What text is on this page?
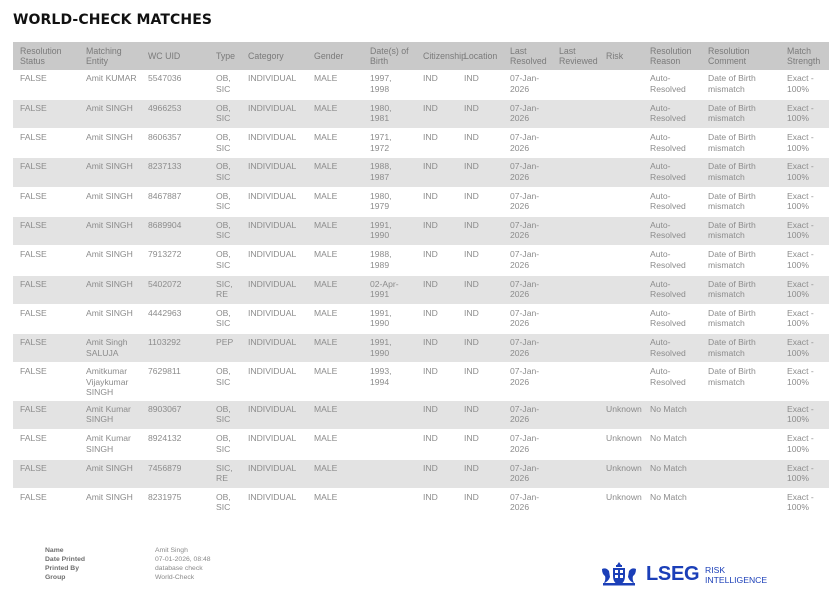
WORLD-CHECK MATCHES
Resolution Status	Matching Entity	WC UID	Type	Category	Gender	Date(s) of Birth	Citizenship	Location	Last Resolved	Last Reviewed	Risk	Resolution Reason	Resolution Comment	Match Strength
FALSE	Amit KUMAR	5547036	OB, SIC	INDIVIDUAL	MALE	1997, 1998	IND	IND	07-Jan-2026			Auto-Resolved	Date of Birth mismatch	Exact - 100%
FALSE	Amit SINGH	4966253	OB, SIC	INDIVIDUAL	MALE	1980, 1981	IND	IND	07-Jan-2026			Auto-Resolved	Date of Birth mismatch	Exact - 100%
FALSE	Amit SINGH	8606357	OB, SIC	INDIVIDUAL	MALE	1971, 1972	IND	IND	07-Jan-2026			Auto-Resolved	Date of Birth mismatch	Exact - 100%
FALSE	Amit SINGH	8237133	OB, SIC	INDIVIDUAL	MALE	1988, 1987	IND	IND	07-Jan-2026			Auto-Resolved	Date of Birth mismatch	Exact - 100%
FALSE	Amit SINGH	8467887	OB, SIC	INDIVIDUAL	MALE	1980, 1979	IND	IND	07-Jan-2026			Auto-Resolved	Date of Birth mismatch	Exact - 100%
FALSE	Amit SINGH	8689904	OB, SIC	INDIVIDUAL	MALE	1991, 1990	IND	IND	07-Jan-2026			Auto-Resolved	Date of Birth mismatch	Exact - 100%
FALSE	Amit SINGH	7913272	OB, SIC	INDIVIDUAL	MALE	1988, 1989	IND	IND	07-Jan-2026			Auto-Resolved	Date of Birth mismatch	Exact - 100%
FALSE	Amit SINGH	5402072	SIC, RE	INDIVIDUAL	MALE	02-Apr-1991	IND	IND	07-Jan-2026			Auto-Resolved	Date of Birth mismatch	Exact - 100%
FALSE	Amit SINGH	4442963	OB, SIC	INDIVIDUAL	MALE	1991, 1990	IND	IND	07-Jan-2026			Auto-Resolved	Date of Birth mismatch	Exact - 100%
FALSE	Amit Singh SALUJA	1103292	PEP	INDIVIDUAL	MALE	1991, 1990	IND	IND	07-Jan-2026			Auto-Resolved	Date of Birth mismatch	Exact - 100%
FALSE	Amitkumar Vijaykumar SINGH	7629811	OB, SIC	INDIVIDUAL	MALE	1993, 1994	IND	IND	07-Jan-2026			Auto-Resolved	Date of Birth mismatch	Exact - 100%
FALSE	Amit Kumar SINGH	8903067	OB, SIC	INDIVIDUAL	MALE		IND	IND	07-Jan-2026		Unknown	No Match		Exact - 100%
FALSE	Amit Kumar SINGH	8924132	OB, SIC	INDIVIDUAL	MALE		IND	IND	07-Jan-2026		Unknown	No Match		Exact - 100%
FALSE	Amit SINGH	7456879	SIC, RE	INDIVIDUAL	MALE		IND	IND	07-Jan-2026		Unknown	No Match		Exact - 100%
FALSE	Amit SINGH	8231975	OB, SIC	INDIVIDUAL	MALE		IND	IND	07-Jan-2026		Unknown	No Match		Exact - 100%
Name	Amit Singh
Date Printed	07-01-2026, 08:48
Printed By	database check
Group	World-Check	LSEG RISK
INTELLIGENCE
